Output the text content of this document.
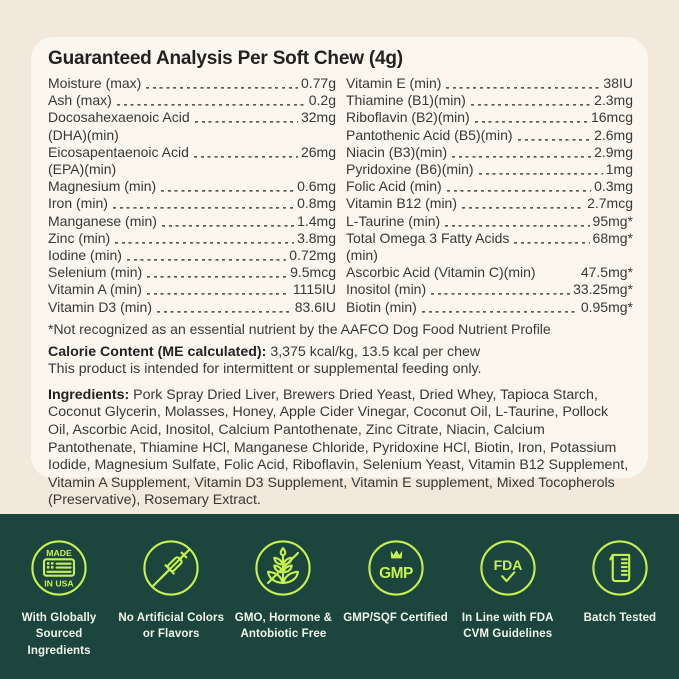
Guaranteed Analysis Per Soft Chew (4g)
Moisture (max)	0.77g
Ash (max)	0.2g
Docosahexaenoic Acid	32mg
(DHA)(min)
Eicosapentaenoic Acid	26mg
(EPA)(min)
Magnesium (min)	0.6mg
Iron (min)	0.8mg
Manganese (min)	1.4mg
Zinc (min)	3.8mg
Iodine (min)	0.72mg
Selenium (min)	9.5mcg
Vitamin A (min)	1115IU
Vitamin D3 (min)	83.6IU
Vitamin E (min)	38IU
Thiamine (B1)(min)	2.3mg
Riboflavin (B2)(min)	16mcg
Pantothenic Acid (B5)(min)	2.6mg
Niacin (B3)(min)	2.9mg
Pyridoxine (B6)(min)	1mg
Folic Acid (min)	0.3mg
Vitamin B12 (min)	2.7mcg
L-Taurine (min)	95mg*
Total Omega 3 Fatty Acids	68mg*
(min)
Ascorbic Acid (Vitamin C)(min)	47.5mg*
Inositol (min)	33.25mg*
Biotin (min)	0.95mg*

*Not recognized as an essential nutrient by the AAFCO Dog Food Nutrient Profile

Calorie Content (ME calculated): 3,375 kcal/kg, 13.5 kcal per chew
This product is intended for intermittent or supplemental feeding only.

Ingredients: Pork Spray Dried Liver, Brewers Dried Yeast, Dried Whey, Tapioca Starch, Coconut Glycerin, Molasses, Honey, Apple Cider Vinegar, Coconut Oil, L-Taurine, Pollock Oil, Ascorbic Acid, Inositol, Calcium Pantothenate, Zinc Citrate, Niacin, Calcium Pantothenate, Thiamine HCl, Manganese Chloride, Pyridoxine HCl, Biotin, Iron, Potassium Iodide, Magnesium Sulfate, Folic Acid, Riboflavin, Selenium Yeast, Vitamin B12 Supplement, Vitamin A Supplement, Vitamin D3 Supplement, Vitamin E supplement, Mixed Tocopherols (Preservative), Rosemary Extract.

MADE
IN USA
With Globally Sourced Ingredients
No Artificial Colors or Flavors
GMO, Hormone & Antobiotic Free
GMP
GMP/SQF Certified
FDA
In Line with FDA CVM Guidelines
Batch Tested
